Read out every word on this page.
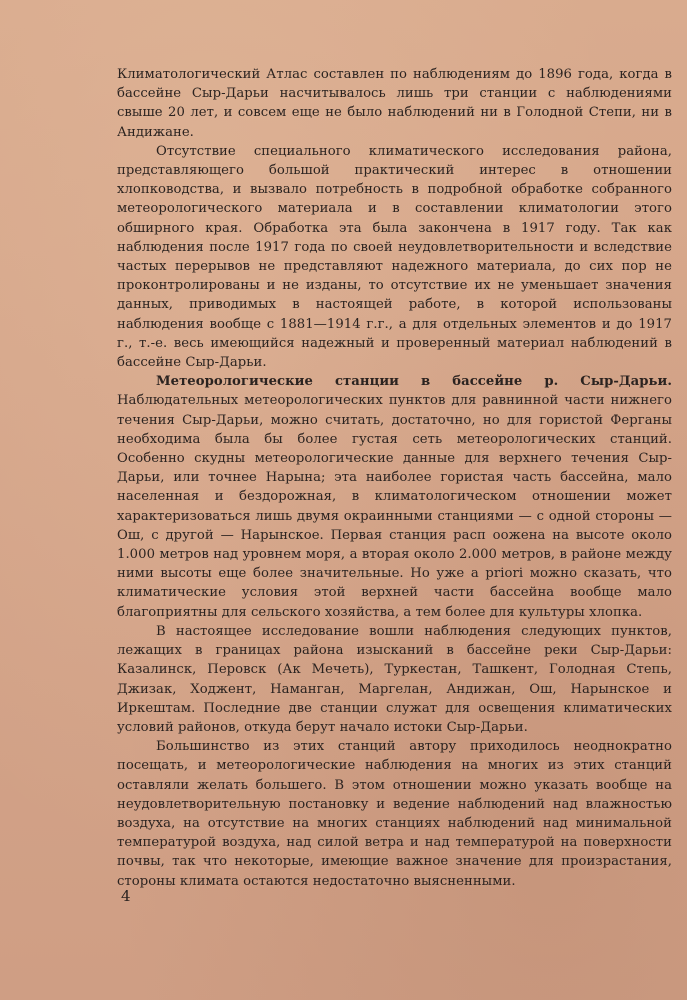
Климатологический Атлас составлен по наблюдениям до 1896 года, когда в бассейне Сыр-Дарьи насчитывалось лишь три станции с наблюдениями свыше 20 лет, и совсем еще не было наблюдений ни в Голодной Степи, ни в Андижане.

Отсутствие специального климатического исследования района, представляющего большой практический интерес в отношении хлопководства, и вызвало потребность в подробной обработке собранного метеорологического материала и в составлении климатологии этого обширного края. Обработка эта была закончена в 1917 году. Так как наблюдения после 1917 года по своей неудовлетворительности и вследствие частых перерывов не представляют надежного материала, до сих пор не проконтролированы и не изданы, то отсутствие их не уменьшает значения данных, приводимых в настоящей работе, в которой использованы наблюдения вообще с 1881—1914 г.г., а для отдельных элементов и до 1917 г., т.-е. весь имеющийся надежный и проверенный материал наблюдений в бассейне Сыр-Дарьи.

Метеорологические станции в бассейне р. Сыр-Дарьи. Наблюдательных метеорологических пунктов для равнинной части нижнего течения Сыр-Дарьи, можно считать, достаточно, но для гористой Ферганы необходима была бы более густая сеть метеорологических станций. Особенно скудны метеорологические данные для верхнего течения Сыр-Дарьи, или точнее Нарына; эта наиболее гористая часть бассейна, мало населенная и бездорожная, в климатологическом отношении может характеризоваться лишь двумя окраинными станциями — с одной стороны — Ош, с другой — Нарынское. Первая станция расп оожена на высоте около 1.000 метров над уровнем моря, а вторая около 2.000 метров, в районе между ними высоты еще более значительные. Но уже a priori можно сказать, что климатические условия этой верхней части бассейна вообще мало благоприятны для сельского хозяйства, а тем более для культуры хлопка.

В настоящее исследование вошли наблюдения следующих пунктов, лежащих в границах района изысканий в бассейне реки Сыр-Дарьи: Казалинск, Перовск (Ак Мечеть), Туркестан, Ташкент, Голодная Степь, Джизак, Ходжент, Наманган, Маргелан, Андижан, Ош, Нарынское и Иркештам. Последние две станции служат для освещения климатических условий районов, откуда берут начало истоки Сыр-Дарьи.

Большинство из этих станций автору приходилось неоднократно посещать, и метеорологические наблюдения на многих из этих станций оставляли желать большего. В этом отношении можно указать вообще на неудовлетворительную постановку и ведение наблюдений над влажностью воздуха, на отсутствие на многих станциях наблюдений над минимальной температурой воздуха, над силой ветра и над температурой на поверхности почвы, так что некоторые, имеющие важное значение для произрастания, стороны климата остаются недостаточно выясненными.

4
